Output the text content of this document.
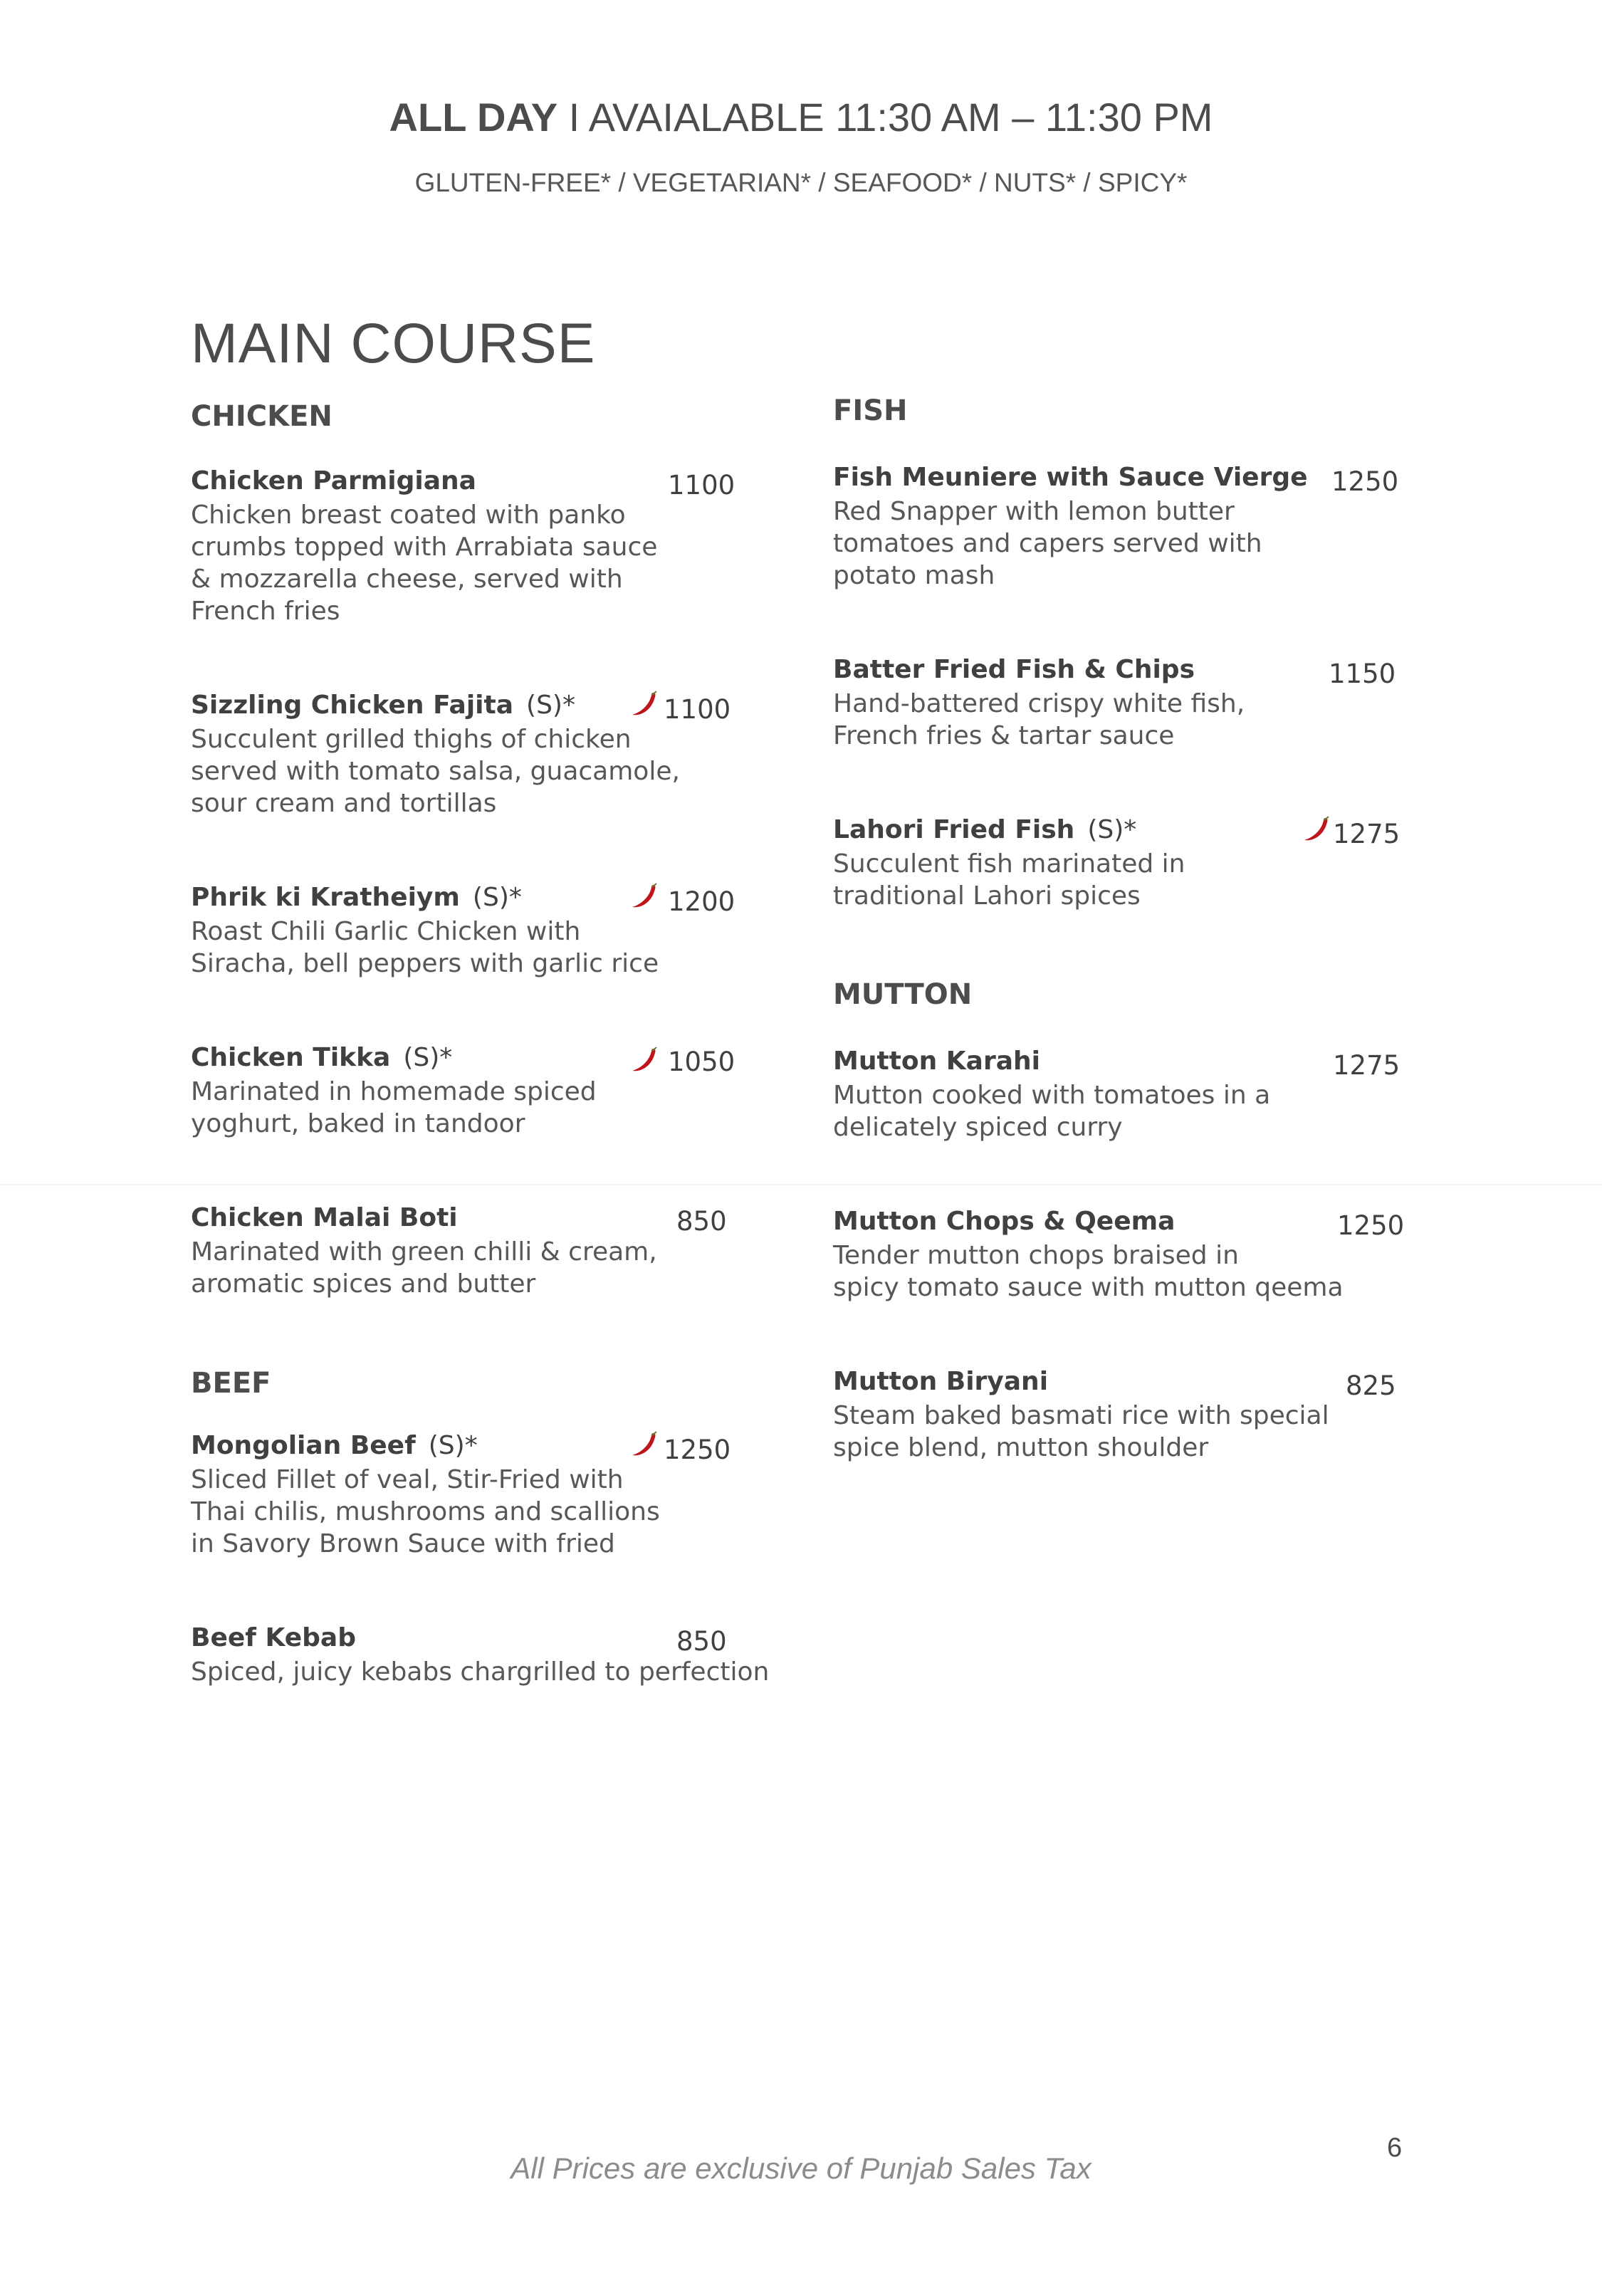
ALL DAY I AVAIALABLE 11:30 AM – 11:30 PM
GLUTEN-FREE* / VEGETARIAN* / SEAFOOD* / NUTS* / SPICY*
MAIN COURSE
CHICKEN
BEEF
FISH
MUTTON
Chicken Parmigiana
Chicken breast coated with panko
crumbs topped with Arrabiata sauce
& mozzarella cheese, served with
French fries
1100
Sizzling Chicken Fajita (S)*
Succulent grilled thighs of chicken
served with tomato salsa, guacamole,
sour cream and tortillas
1100
Phrik ki Kratheiym (S)*
Roast Chili Garlic Chicken with
Siracha, bell peppers with garlic rice
1200
Chicken Tikka (S)*
Marinated in homemade spiced
yoghurt, baked in tandoor
1050
Chicken Malai Boti
Marinated with green chilli & cream,
aromatic spices and butter
850
Mongolian Beef (S)*
Sliced Fillet of veal, Stir-Fried with
Thai chilis, mushrooms and scallions
in Savory Brown Sauce with fried
1250
Beef Kebab
Spiced, juicy kebabs chargrilled to perfection
850
Fish Meuniere with Sauce Vierge
Red Snapper with lemon butter
tomatoes and capers served with
potato mash
1250
Batter Fried Fish & Chips
Hand-battered crispy white fish,
French fries & tartar sauce
1150
Lahori Fried Fish (S)*
Succulent fish marinated in
traditional Lahori spices
1275
Mutton Karahi
Mutton cooked with tomatoes in a
delicately spiced curry
1275
Mutton Chops & Qeema
Tender mutton chops braised in
spicy tomato sauce with mutton qeema
1250
Mutton Biryani
Steam baked basmati rice with special
spice blend, mutton shoulder
825
6
All Prices are exclusive of Punjab Sales Tax
